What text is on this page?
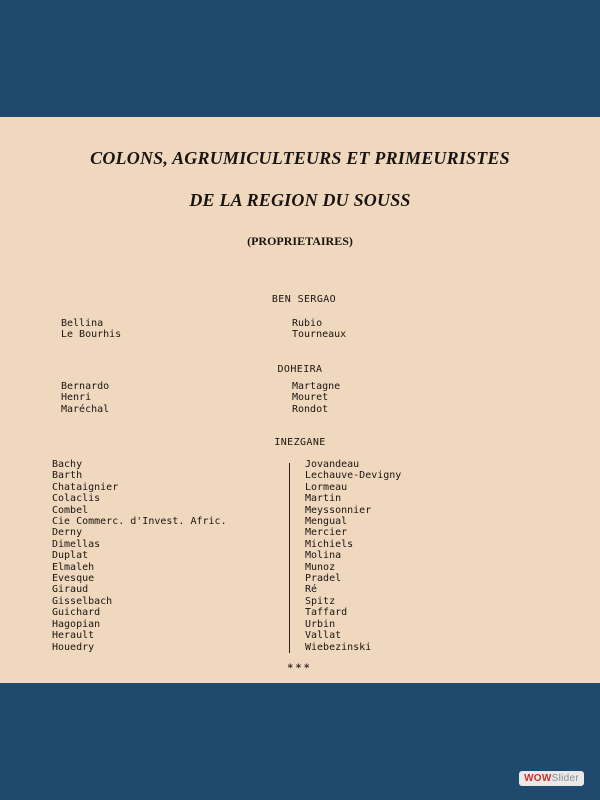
COLONS, AGRUMICULTEURS ET PRIMEURISTES
DE LA REGION DU SOUSS
(PROPRIETAIRES)
BEN SERGAO
Bellina
Le Bourhis
Rubio
Tourneaux
DOHEIRA
Bernardo
Henri
Maréchal
Martagne
Mouret
Rondot
INEZGANE
Bachy
Barth
Chataignier
Colaclis
Combel
Cie Commerc. d'Invest. Afric.
Derny
Dimellas
Duplat
Elmaleh
Evesque
Giraud
Gisselbach
Guichard
Hagopian
Herault
Houedry
Jovandeau
Lechauve-Devigny
Lormeau
Martin
Meyssonnier
Mengual
Mercier
Michiels
Molina
Munoz
Pradel
Ré
Spitz
Taffard
Urbin
Vallat
Wiebezinski
***
WOWSlider
